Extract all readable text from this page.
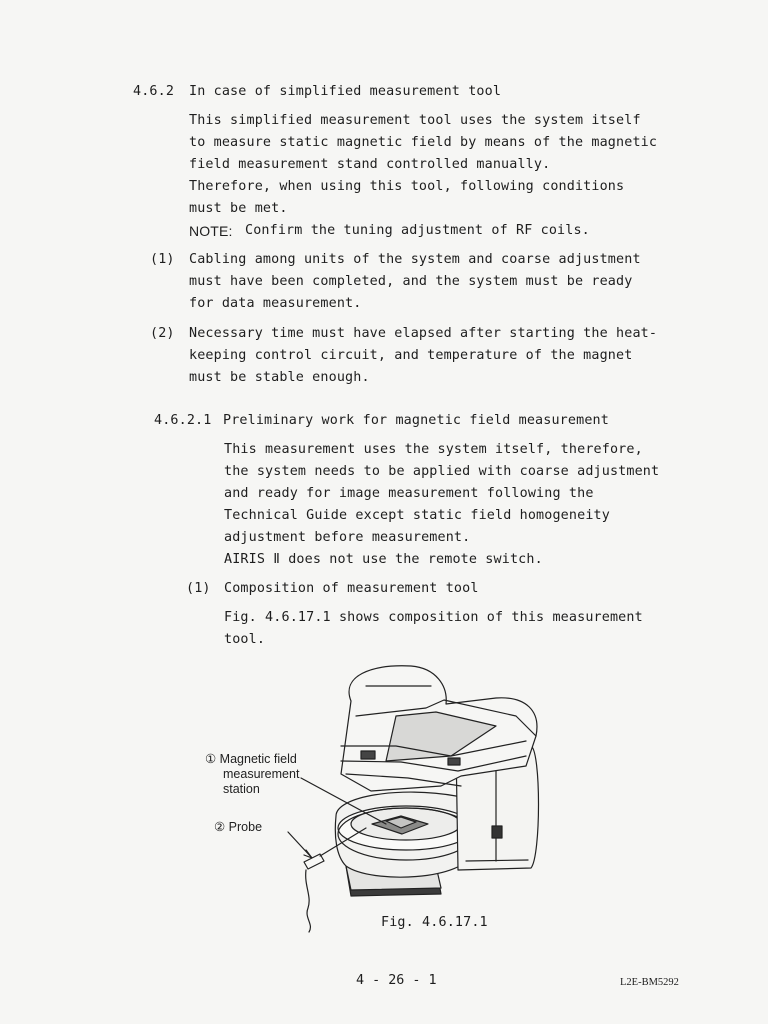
4.6.2 In case of simplified measurement tool
This simplified measurement tool uses the system itself
to measure static magnetic field by means of the magnetic
field measurement stand controlled manually.
Therefore, when using this tool, following conditions
must be met.
NOTE: Confirm the tuning adjustment of RF coils.
(1) Cabling among units of the system and coarse adjustment
must have been completed, and the system must be ready
for data measurement.
(2) Necessary time must have elapsed after starting the heat-
keeping control circuit, and temperature of the magnet
must be stable enough.
4.6.2.1 Preliminary work for magnetic field measurement
This measurement uses the system itself, therefore,
the system needs to be applied with coarse adjustment
and ready for image measurement following the
Technical Guide except static field homogeneity
adjustment before measurement.
AIRIS Ⅱ does not use the remote switch.
(1) Composition of measurement tool
Fig. 4.6.17.1 shows composition of this measurement
tool.
① Magnetic field
measurement
station
② Probe
Fig. 4.6.17.1
4 - 26 - 1	L2E-BM5292
